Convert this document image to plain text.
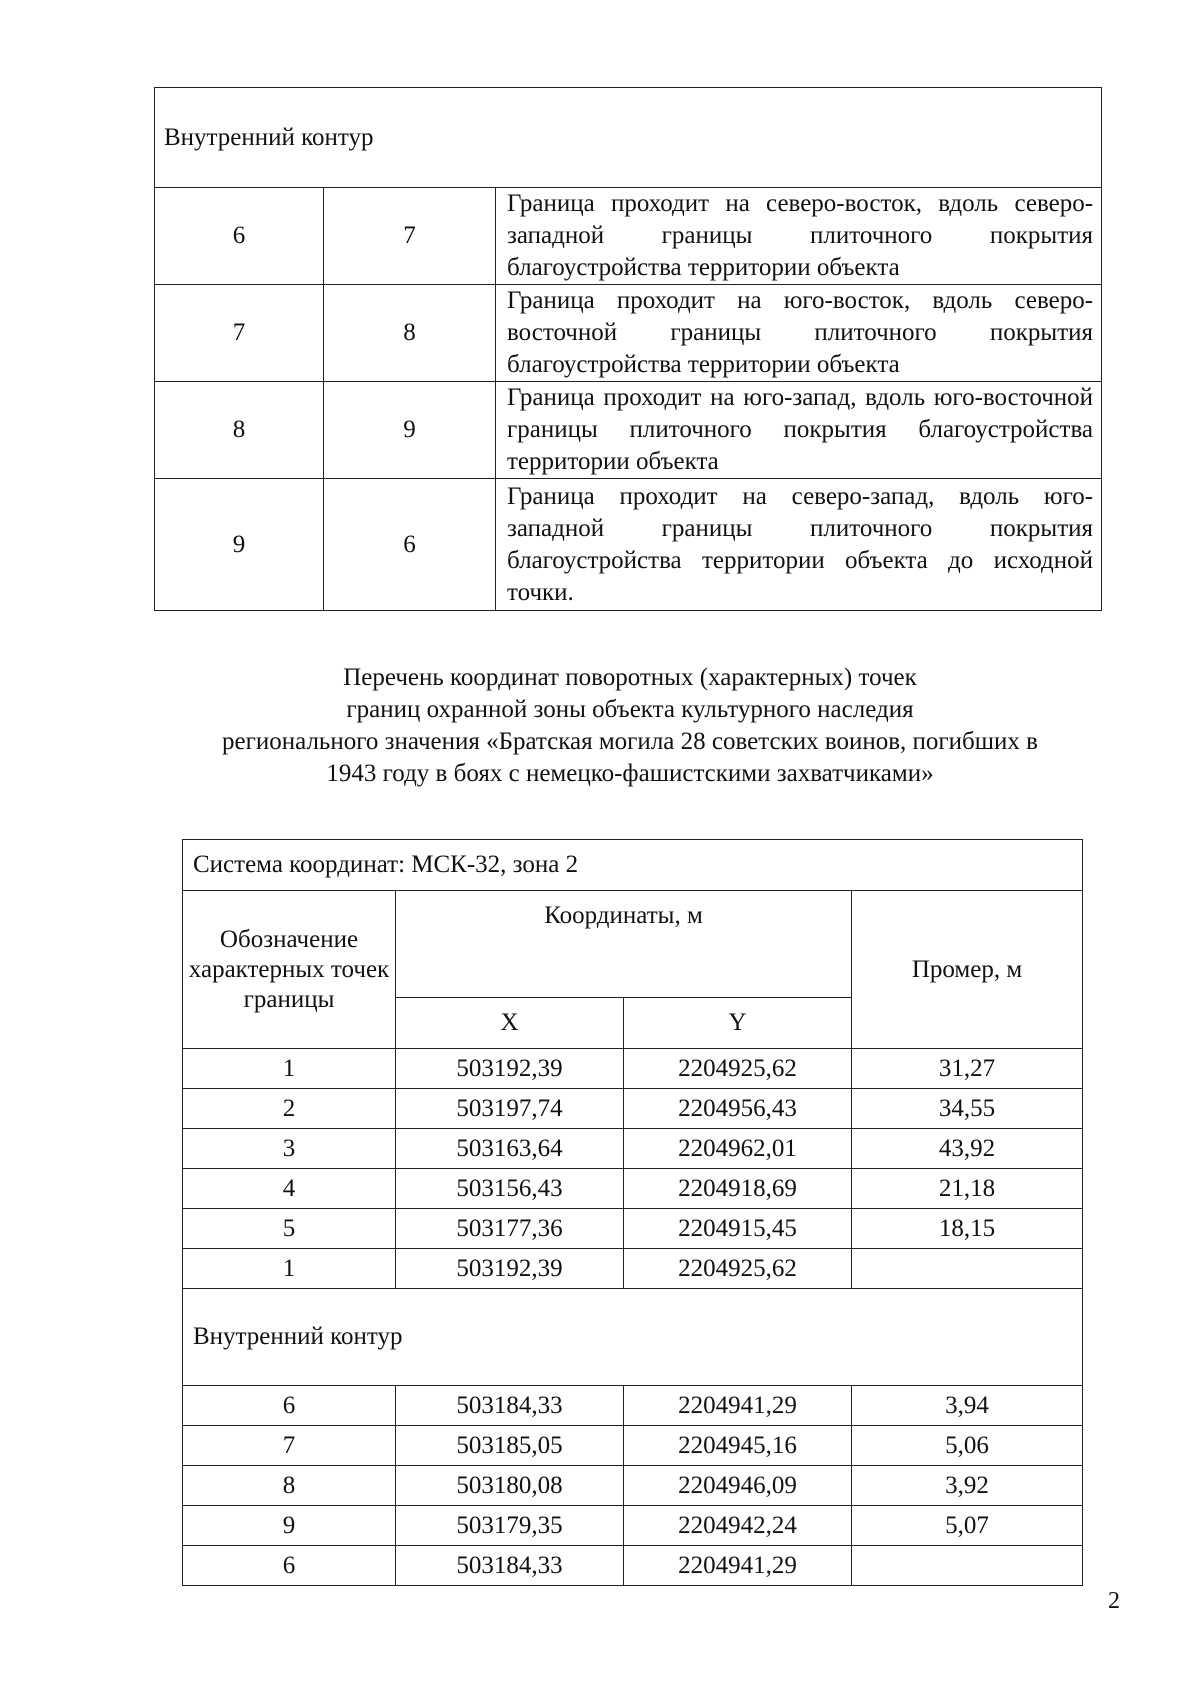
Внутренний контур		
6	7	Граница проходит на северо-восток, вдоль северо-западной границы плиточного покрытия благоустройства территории объекта
7	8	Граница проходит на юго-восток, вдоль северо-восточной границы плиточного покрытия благоустройства территории объекта
8	9	Граница проходит на юго-запад, вдоль юго-восточной границы плиточного покрытия благоустройства территории объекта
9	6	Граница проходит на северо-запад, вдоль юго-западной границы плиточного покрытия благоустройства территории объекта до исходной точки.
Перечень координат поворотных (характерных) точек
границ охранной зоны объекта культурного наследия
регионального значения «Братская могила 28 советских воинов, погибших в
1943 году в боях с немецко-фашистскими захватчиками»
Система координат: МСК-32, зона 2			
Обозначение характерных точек границы	Координаты, м		Промер, м
	X	Y	
1	503192,39	2204925,62	31,27
2	503197,74	2204956,43	34,55
3	503163,64	2204962,01	43,92
4	503156,43	2204918,69	21,18
5	503177,36	2204915,45	18,15
1	503192,39	2204925,62	
Внутренний контур			
6	503184,33	2204941,29	3,94
7	503185,05	2204945,16	5,06
8	503180,08	2204946,09	3,92
9	503179,35	2204942,24	5,07
6	503184,33	2204941,29	
2
